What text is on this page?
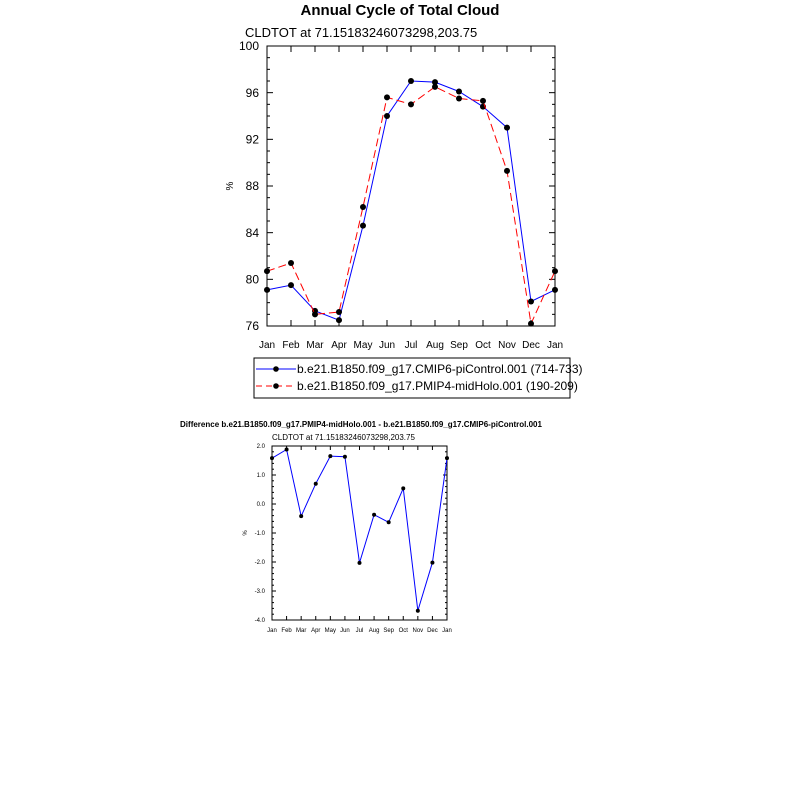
Annual Cycle of Total Cloud
CLDTOT at 71.15183246073298,203.75
%
76
80
84
88
92
96
100
Jan Feb Mar Apr May Jun Jul Aug Sep Oct Nov Dec Jan
b.e21.B1850.f09_g17.CMIP6-piControl.001 (714-733)
b.e21.B1850.f09_g17.PMIP4-midHolo.001 (190-209)
Difference b.e21.B1850.f09_g17.PMIP4-midHolo.001 - b.e21.B1850.f09_g17.CMIP6-piControl.001
CLDTOT at 71.15183246073298,203.75
%
-4.0
-3.0
-2.0
-1.0
0.0
1.0
2.0
Jan Feb Mar Apr May Jun Jul Aug Sep Oct Nov Dec Jan
